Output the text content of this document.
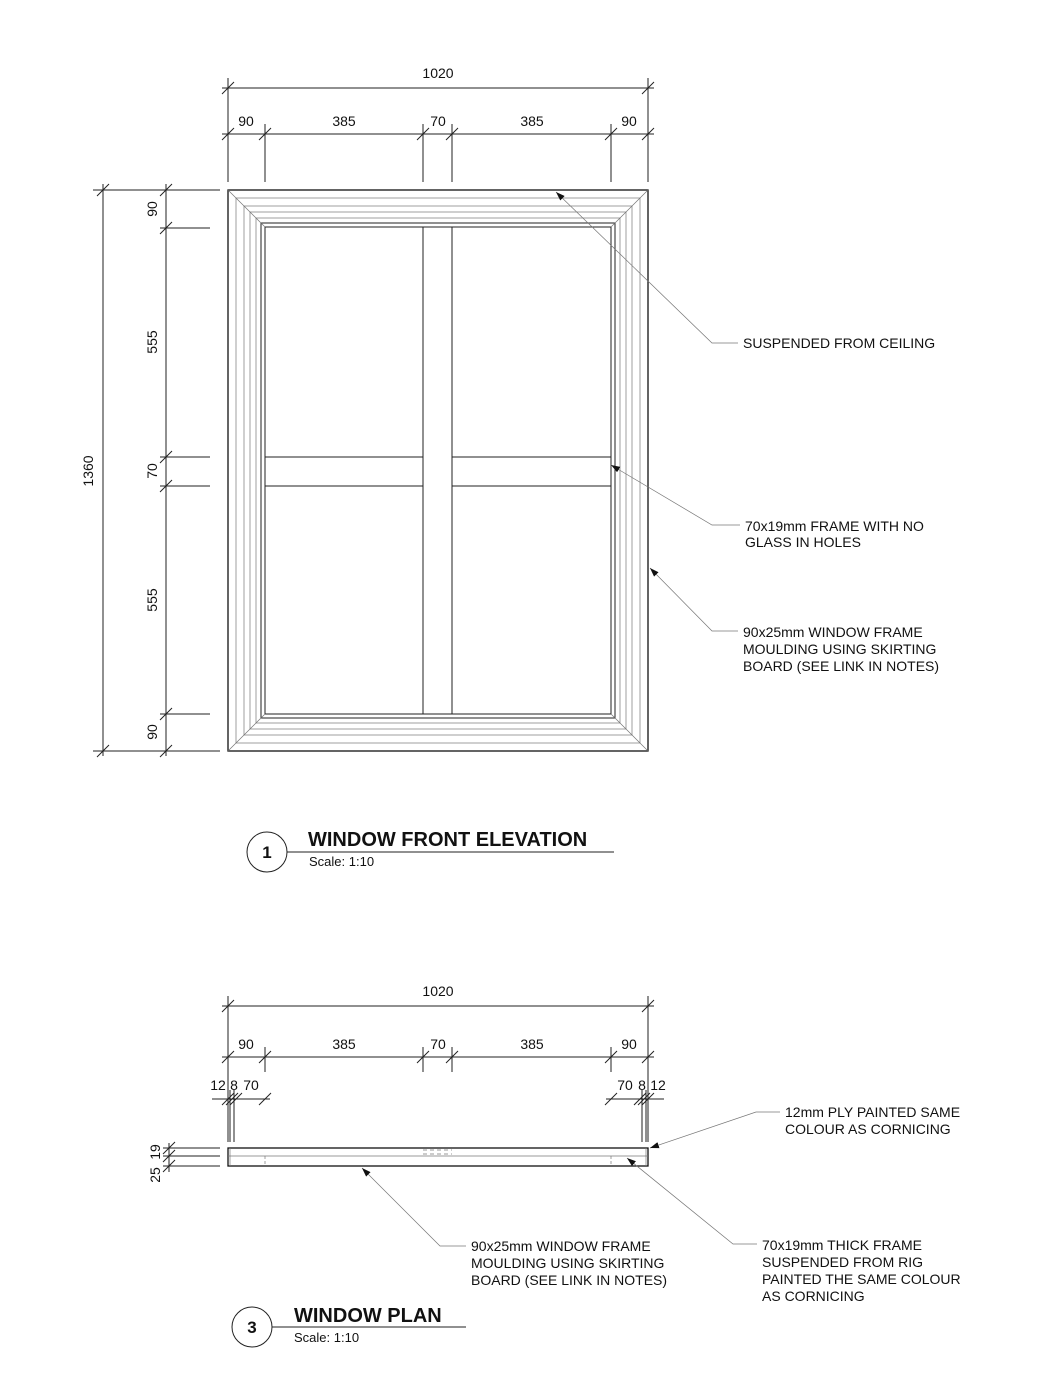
1020
90	385	70	385	90
1360
90
555
70
555
90
SUSPENDED FROM CEILING
70x19mm FRAME WITH NO
GLASS IN HOLES
90x25mm WINDOW FRAME
MOULDING USING SKIRTING
BOARD (SEE LINK IN NOTES)
1
WINDOW FRONT ELEVATION
Scale: 1:10
1020
90	385	70	385	90
12 8 70	70 8 12
25
19
12mm PLY PAINTED SAME
COLOUR AS CORNICING
90x25mm WINDOW FRAME
MOULDING USING SKIRTING
BOARD (SEE LINK IN NOTES)
70x19mm THICK FRAME
SUSPENDED FROM RIG
PAINTED THE SAME COLOUR
AS CORNICING
3
WINDOW PLAN
Scale: 1:10
